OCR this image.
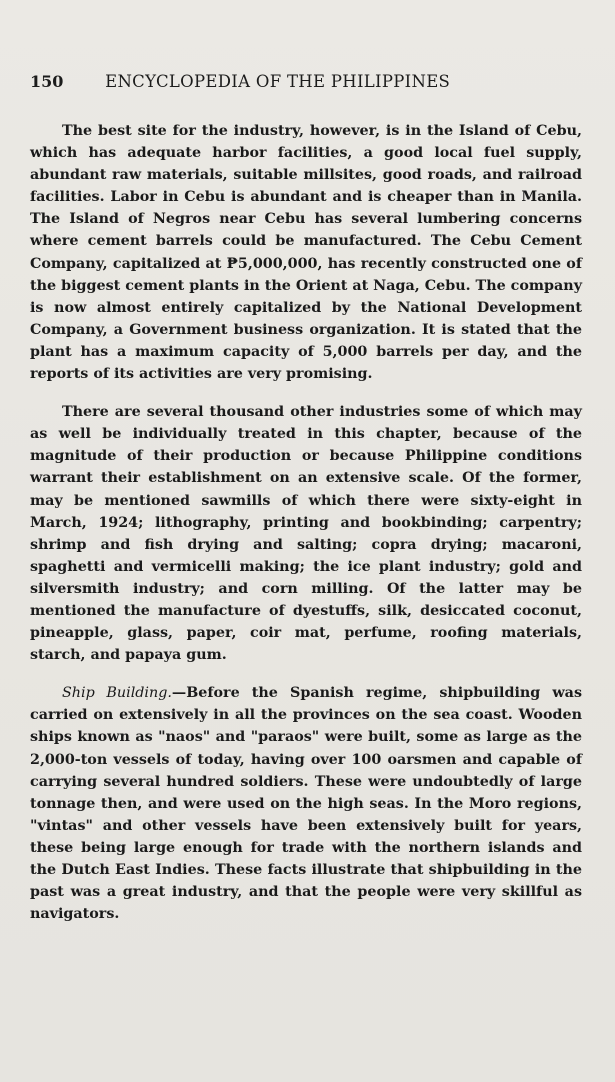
150	ENCYCLOPEDIA OF THE PHILIPPINES

The best site for the industry, however, is in the Island of Cebu, which has adequate harbor facilities, a good local fuel supply, abundant raw materials, suitable millsites, good roads, and railroad facilities. Labor in Cebu is abundant and is cheaper than in Manila. The Island of Negros near Cebu has several lumbering concerns where cement barrels could be manufactured. The Cebu Cement Company, capitalized at ₱5,000,000, has recently constructed one of the biggest cement plants in the Orient at Naga, Cebu. The company is now almost entirely capitalized by the National Development Company, a Government business organization. It is stated that the plant has a maximum capacity of 5,000 barrels per day, and the reports of its activities are very promising.

There are several thousand other industries some of which may as well be individually treated in this chapter, because of the magnitude of their production or because Philippine conditions warrant their establishment on an extensive scale. Of the former, may be mentioned sawmills of which there were sixty-eight in March, 1924; lithography, printing and bookbinding; carpentry; shrimp and fish drying and salting; copra drying; macaroni, spaghetti and vermicelli making; the ice plant industry; gold and silversmith industry; and corn milling. Of the latter may be mentioned the manufacture of dyestuffs, silk, desiccated coconut, pineapple, glass, paper, coir mat, perfume, roofing materials, starch, and papaya gum.

Ship Building.—Before the Spanish regime, shipbuilding was carried on extensively in all the provinces on the sea coast. Wooden ships known as "naos" and "paraos" were built, some as large as the 2,000-ton vessels of today, having over 100 oarsmen and capable of carrying several hundred soldiers. These were undoubtedly of large tonnage then, and were used on the high seas. In the Moro regions, "vintas" and other vessels have been extensively built for years, these being large enough for trade with the northern islands and the Dutch East Indies. These facts illustrate that shipbuilding in the past was a great industry, and that the people were very skillful as navigators.
